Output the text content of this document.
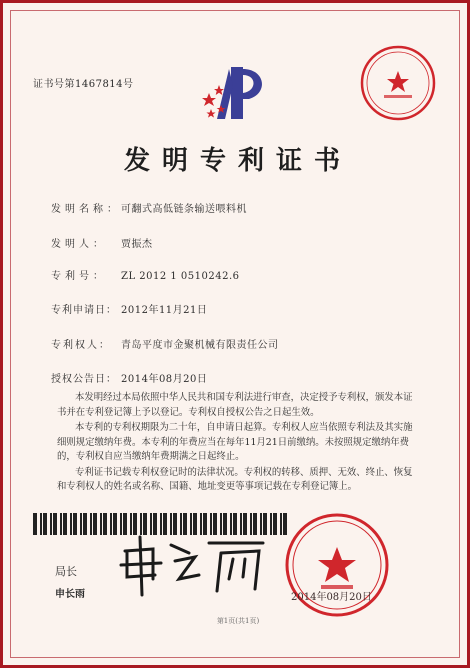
证书号第1467814号
发明专利证书
发明名称：可翻式高低链条输送喂料机
发明人： 贾振杰
专利号： ZL 2012 1 0510242.6
专利申请日： 2012年11月21日
专利权人： 青岛平度市金聚机械有限责任公司
授权公告日： 2014年08月20日

本发明经过本局依照中华人民共和国专利法进行审查，决定授予专利权，颁发本证书并在专利登记簿上予以登记。专利权自授权公告之日起生效。

本专利的专利权期限为二十年，自申请日起算。专利权人应当依照专利法及其实施细则规定缴纳年费。本专利的年费应当在每年11月21日前缴纳。未按照规定缴纳年费的，专利权自应当缴纳年费期满之日起终止。

专利证书记载专利权登记时的法律状况。专利权的转移、质押、无效、终止、恢复和专利权人的姓名或名称、国籍、地址变更等事项记载在专利登记簿上。

局长
申长雨	2014年08月20日
第1页(共1页)
